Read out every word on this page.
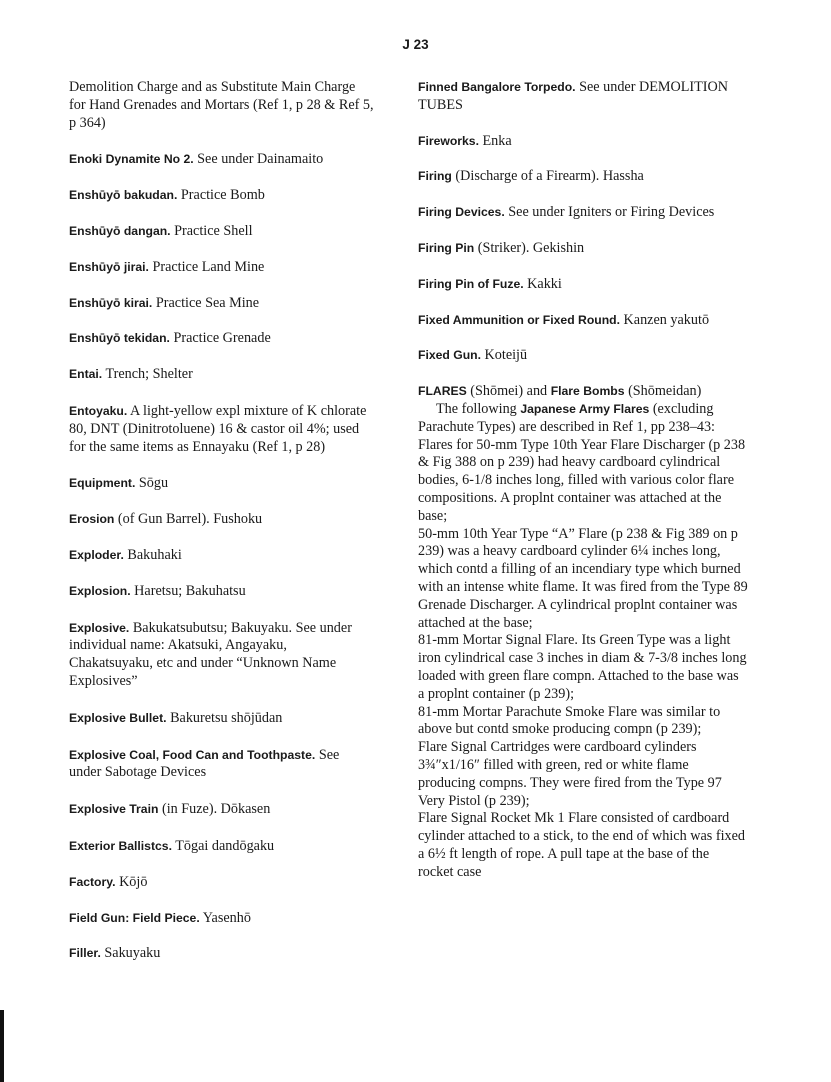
J 23

Demolition Charge and as Substitute Main Charge for Hand Grenades and Mortars (Ref 1, p 28 & Ref 5, p 364)

Enoki Dynamite No 2. See under Dainamaito

Enshūyō bakudan. Practice Bomb

Enshūyō dangan. Practice Shell

Enshūyō jirai. Practice Land Mine

Enshūyō kirai. Practice Sea Mine

Enshūyō tekidan. Practice Grenade

Entai. Trench; Shelter

Entoyaku. A light-yellow expl mixture of K chlorate 80, DNT (Dinitrotoluene) 16 & castor oil 4%; used for the same items as Ennayaku (Ref 1, p 28)

Equipment. Sōgu

Erosion (of Gun Barrel). Fushoku

Exploder. Bakuhaki

Explosion. Haretsu; Bakuhatsu

Explosive. Bakukatsubutsu; Bakuyaku. See under individual name: Akatsuki, Angayaku, Chakatsuyaku, etc and under “Unknown Name Explosives”

Explosive Bullet. Bakuretsu shōjūdan

Explosive Coal, Food Can and Toothpaste. See under Sabotage Devices

Explosive Train (in Fuze). Dōkasen

Exterior Ballistcs. Tōgai dandōgaku

Factory. Kōjō

Field Gun: Field Piece. Yasenhō

Filler. Sakuyaku

Finned Bangalore Torpedo. See under DEMOLITION TUBES

Fireworks. Enka

Firing (Discharge of a Firearm). Hassha

Firing Devices. See under Igniters or Firing Devices

Firing Pin (Striker). Gekishin

Firing Pin of Fuze. Kakki

Fixed Ammunition or Fixed Round. Kanzen yakutō

Fixed Gun. Koteijū

FLARES (Shōmei) and Flare Bombs (Shōmeidan)

The following Japanese Army Flares (excluding Parachute Types) are described in Ref 1, pp 238–43:

Flares for 50-mm Type 10th Year Flare Discharger (p 238 & Fig 388 on p 239) had heavy cardboard cylindrical bodies, 6-1/8 inches long, filled with various color flare compositions. A proplnt container was attached at the base;

50-mm 10th Year Type “A” Flare (p 238 & Fig 389 on p 239) was a heavy cardboard cylinder 6¼ inches long, which contd a filling of an incendiary type which burned with an intense white flame. It was fired from the Type 89 Grenade Discharger. A cylindrical proplnt container was attached at the base;

81-mm Mortar Signal Flare. Its Green Type was a light iron cylindrical case 3 inches in diam & 7-3/8 inches long loaded with green flare compn. Attached to the base was a proplnt container (p 239);

81-mm Mortar Parachute Smoke Flare was similar to above but contd smoke producing compn (p 239);

Flare Signal Cartridges were cardboard cylinders 3¾″x1/16″ filled with green, red or white flame producing compns. They were fired from the Type 97 Very Pistol (p 239);

Flare Signal Rocket Mk 1 Flare consisted of cardboard cylinder attached to a stick, to the end of which was fixed a 6½ ft length of rope. A pull tape at the base of the rocket case
